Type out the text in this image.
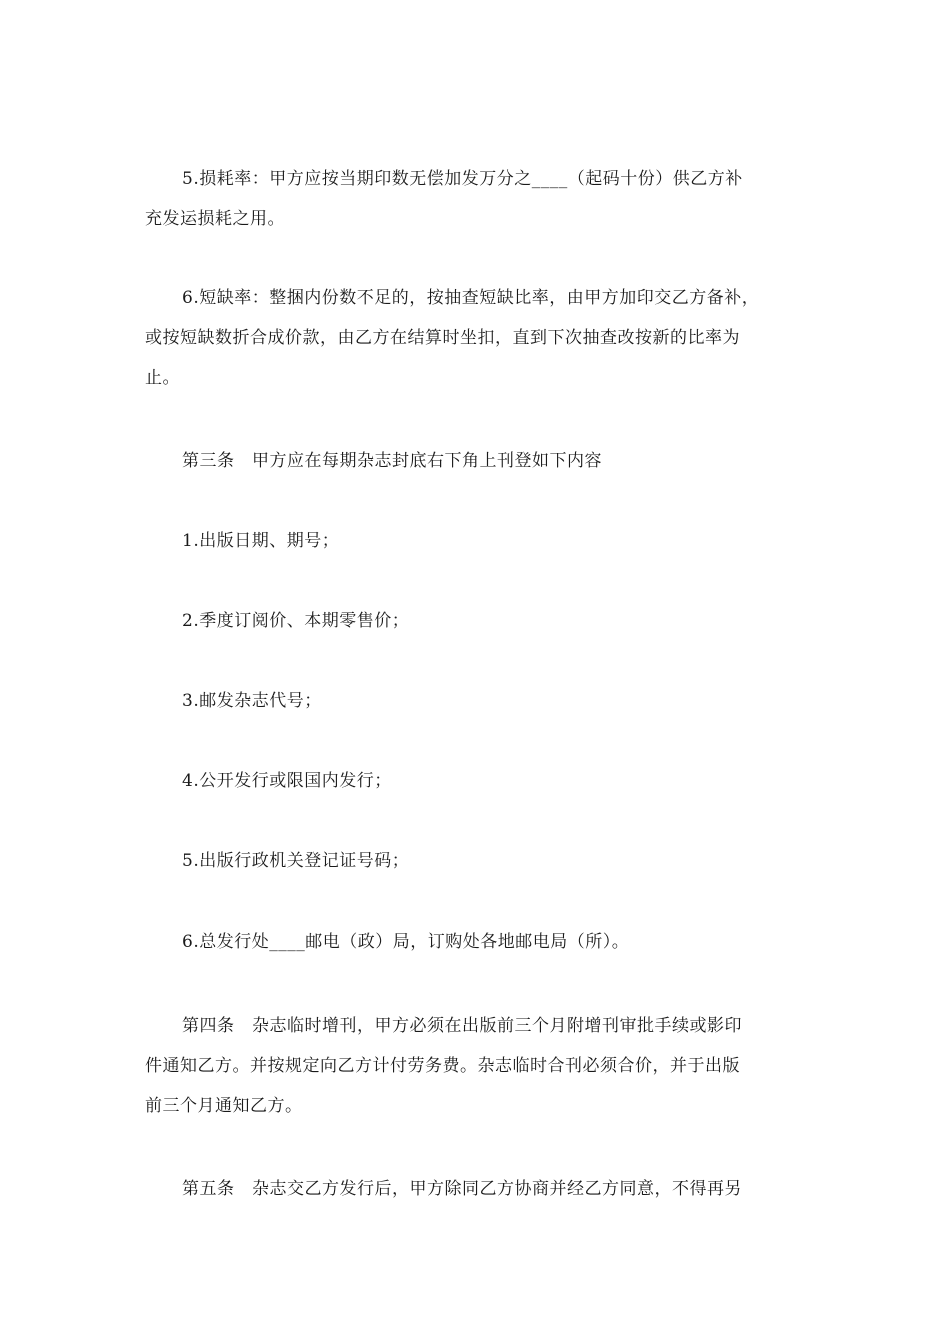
5.损耗率：甲方应按当期印数无偿加发万分之____（起码十份）供乙方补
充发运损耗之用。

6.短缺率：整捆内份数不足的，按抽查短缺比率，由甲方加印交乙方备补，
或按短缺数折合成价款，由乙方在结算时坐扣，直到下次抽查改按新的比率为
止。

第三条　甲方应在每期杂志封底右下角上刊登如下内容

1.出版日期、期号；

2.季度订阅价、本期零售价；

3.邮发杂志代号；

4.公开发行或限国内发行；

5.出版行政机关登记证号码；

6.总发行处____邮电（政）局，订购处各地邮电局（所）。

第四条　杂志临时增刊，甲方必须在出版前三个月附增刊审批手续或影印
件通知乙方。并按规定向乙方计付劳务费。杂志临时合刊必须合价，并于出版
前三个月通知乙方。

第五条　杂志交乙方发行后，甲方除同乙方协商并经乙方同意，不得再另
